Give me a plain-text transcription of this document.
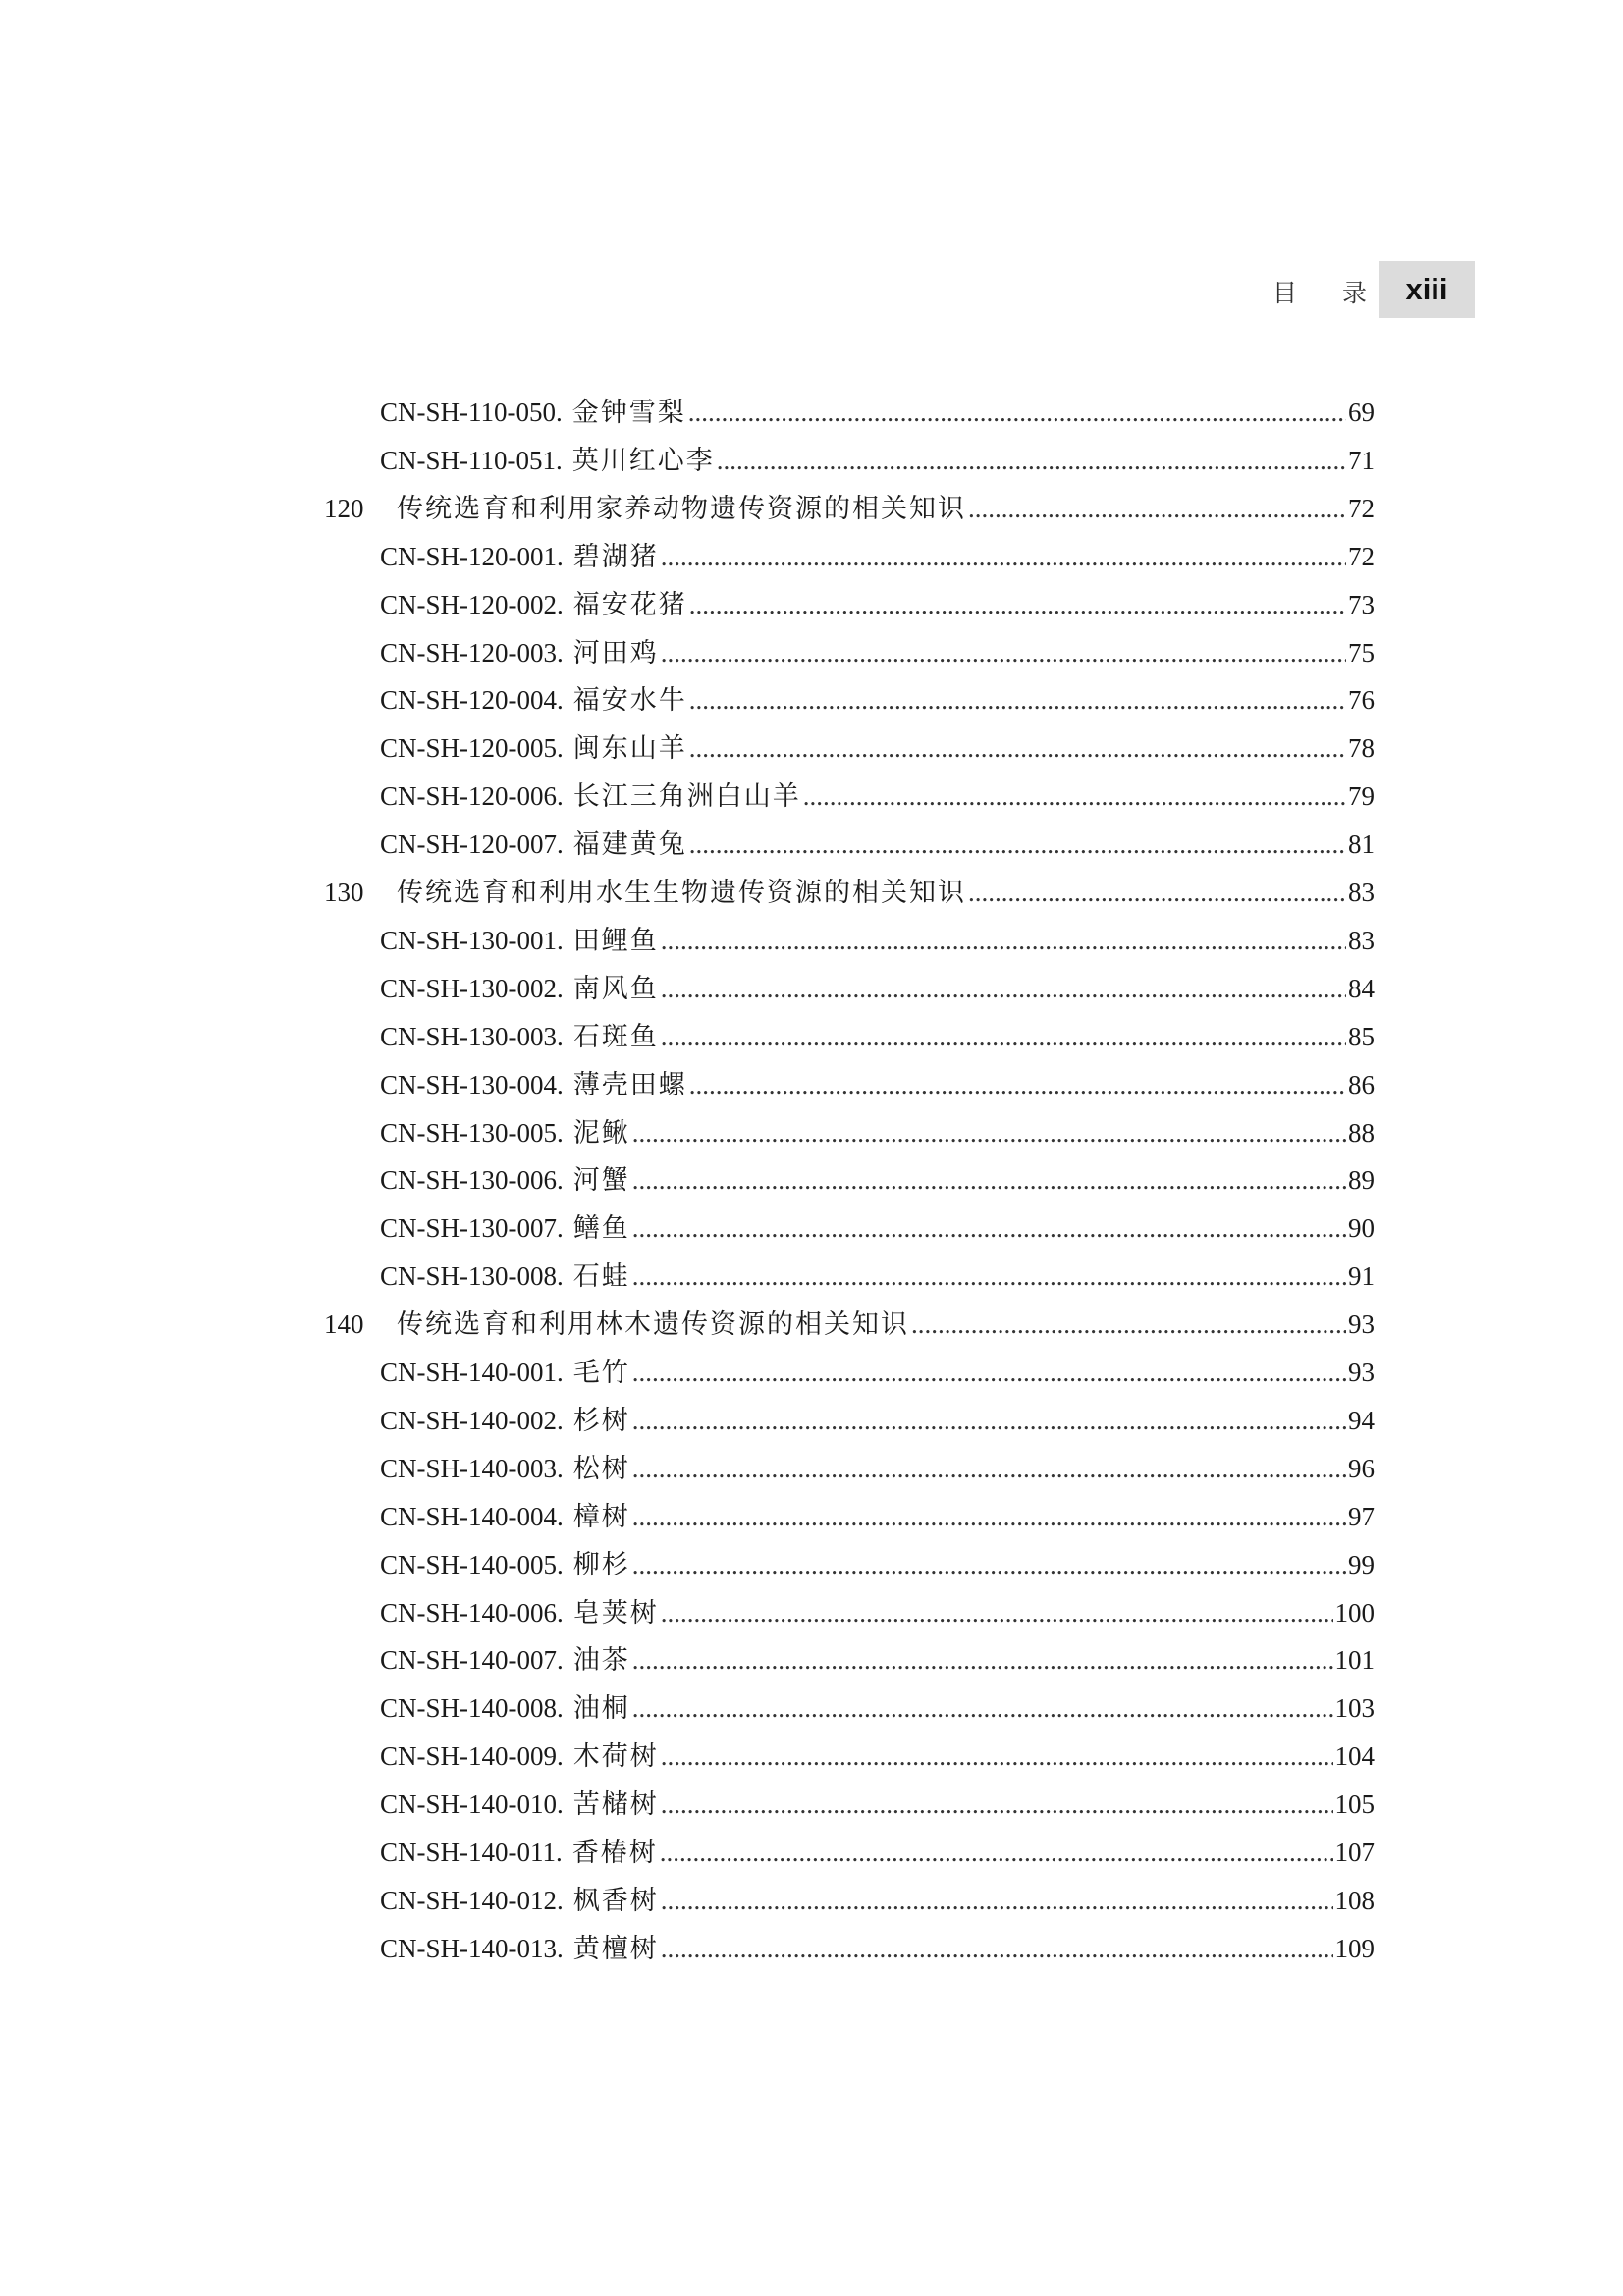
目 录 xiii
CN-SH-110-050. 金钟雪梨 .....	69
CN-SH-110-051. 英川红心李 .....	71
120	传统选育和利用家养动物遗传资源的相关知识 .....	72
CN-SH-120-001. 碧湖猪 .....	72
CN-SH-120-002. 福安花猪 .....	73
CN-SH-120-003. 河田鸡 .....	75
CN-SH-120-004. 福安水牛 .....	76
CN-SH-120-005. 闽东山羊 .....	78
CN-SH-120-006. 长江三角洲白山羊 .....	79
CN-SH-120-007. 福建黄兔 .....	81
130	传统选育和利用水生生物遗传资源的相关知识 .....	83
CN-SH-130-001. 田鲤鱼 .....	83
CN-SH-130-002. 南风鱼 .....	84
CN-SH-130-003. 石斑鱼 .....	85
CN-SH-130-004. 薄壳田螺 .....	86
CN-SH-130-005. 泥鳅 .....	88
CN-SH-130-006. 河蟹 .....	89
CN-SH-130-007. 鳝鱼 .....	90
CN-SH-130-008. 石蛙 .....	91
140	传统选育和利用林木遗传资源的相关知识 .....	93
CN-SH-140-001. 毛竹 .....	93
CN-SH-140-002. 杉树 .....	94
CN-SH-140-003. 松树 .....	96
CN-SH-140-004. 樟树 .....	97
CN-SH-140-005. 柳杉 .....	99
CN-SH-140-006. 皂荚树 .....	100
CN-SH-140-007. 油茶 .....	101
CN-SH-140-008. 油桐 .....	103
CN-SH-140-009. 木荷树 .....	104
CN-SH-140-010. 苦槠树 .....	105
CN-SH-140-011. 香椿树 .....	107
CN-SH-140-012. 枫香树 .....	108
CN-SH-140-013. 黄檀树 .....	109
